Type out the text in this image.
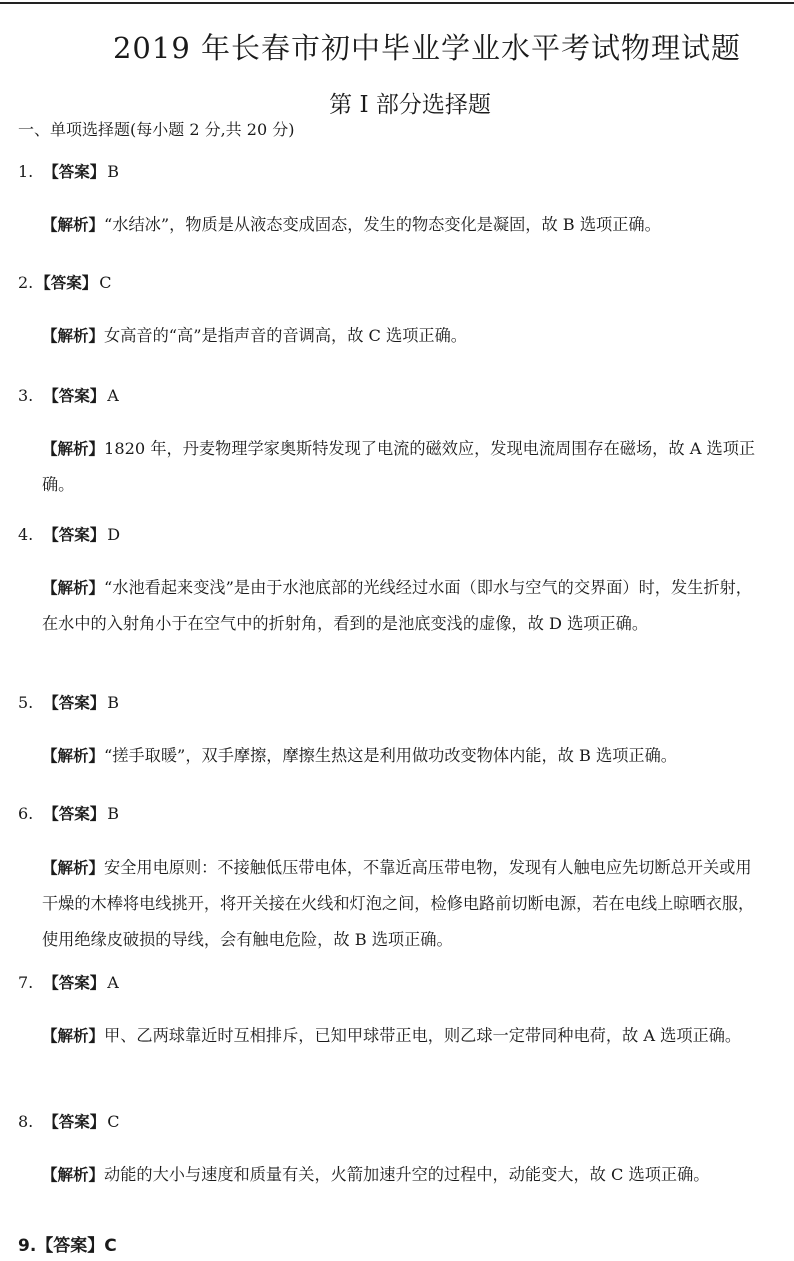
2019 年长春市初中毕业学业水平考试物理试题
第 I 部分选择题
一、单项选择题(每小题 2 分,共 20 分)
1. 【答案】 B
【解析】“水结冰”，物质是从液态变成固态，发生的物态变化是凝固，故 B 选项正确。
2. 【答案】 C
【解析】女高音的“高”是指声音的音调高，故 C 选项正确。
3. 【答案】 A
【解析】1820 年，丹麦物理学家奥斯特发现了电流的磁效应，发现电流周围存在磁场，故 A 选项正确。
4. 【答案】 D
【解析】“水池看起来变浅”是由于水池底部的光线经过水面（即水与空气的交界面）时，发生折射，在水中的入射角小于在空气中的折射角，看到的是池底变浅的虚像，故 D 选项正确。
5. 【答案】 B
【解析】“搓手取暖”，双手摩擦，摩擦生热这是利用做功改变物体内能，故 B 选项正确。
6. 【答案】 B
【解析】安全用电原则：不接触低压带电体，不靠近高压带电物，发现有人触电应先切断总开关或用干燥的木棒将电线挑开，将开关接在火线和灯泡之间，检修电路前切断电源，若在电线上晾晒衣服，使用绝缘皮破损的导线，会有触电危险，故 B 选项正确。
7. 【答案】 A
【解析】甲、乙两球靠近时互相排斥，已知甲球带正电，则乙球一定带同种电荷，故 A 选项正确。
8. 【答案】 C
【解析】动能的大小与速度和质量有关，火箭加速升空的过程中，动能变大，故 C 选项正确。
9.【答案】C
